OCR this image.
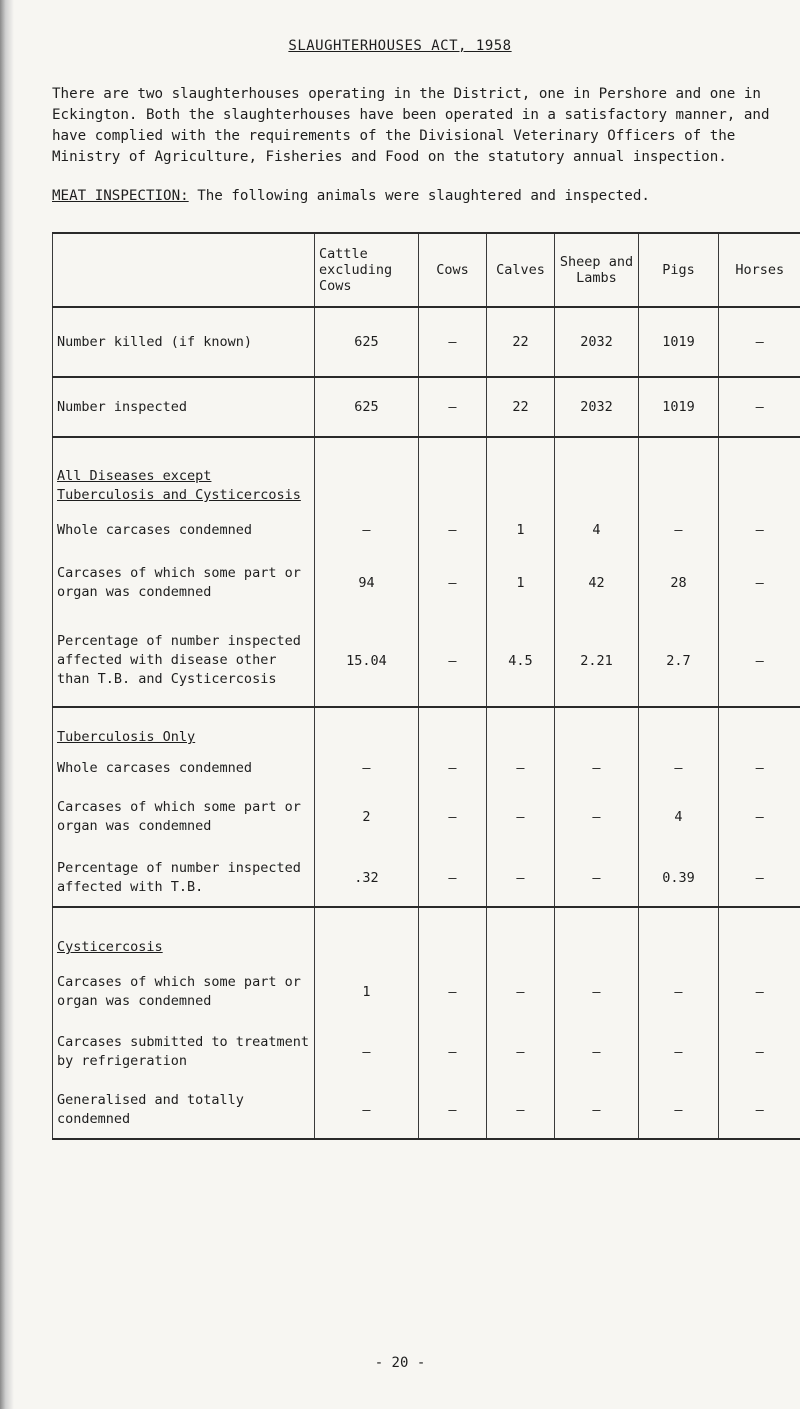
SLAUGHTERHOUSES ACT, 1958
There are two slaughterhouses operating in the District, one in Pershore and one in Eckington. Both the slaughterhouses have been operated in a satisfactory manner, and have complied with the requirements of the Divisional Veterinary Officers of the Ministry of Agriculture, Fisheries and Food on the statutory annual inspection.
MEAT INSPECTION: The following animals were slaughtered and inspected.
	Cattle excluding Cows	Cows	Calves	Sheep and Lambs	Pigs	Horses
Number killed (if known)	625	–	22	2032	1019	–
Number inspected	625	–	22	2032	1019	–
All Diseases except Tuberculosis and Cysticercosis						
Whole carcases condemned	–	–	1	4	–	–
Carcases of which some part or organ was condemned	94	–	1	42	28	–
Percentage of number inspected affected with disease other than T.B. and Cysticercosis	15.04	–	4.5	2.21	2.7	–
Tuberculosis Only						
Whole carcases condemned	–	–	–	–	–	–
Carcases of which some part or organ was condemned	2	–	–	–	4	–
Percentage of number inspected affected with T.B.	.32	–	–	–	0.39	–
Cysticercosis						
Carcases of which some part or organ was condemned	1	–	–	–	–	–
Carcases submitted to treatment by refrigeration	–	–	–	–	–	–
Generalised and totally condemned	–	–	–	–	–	–
- 20 -
